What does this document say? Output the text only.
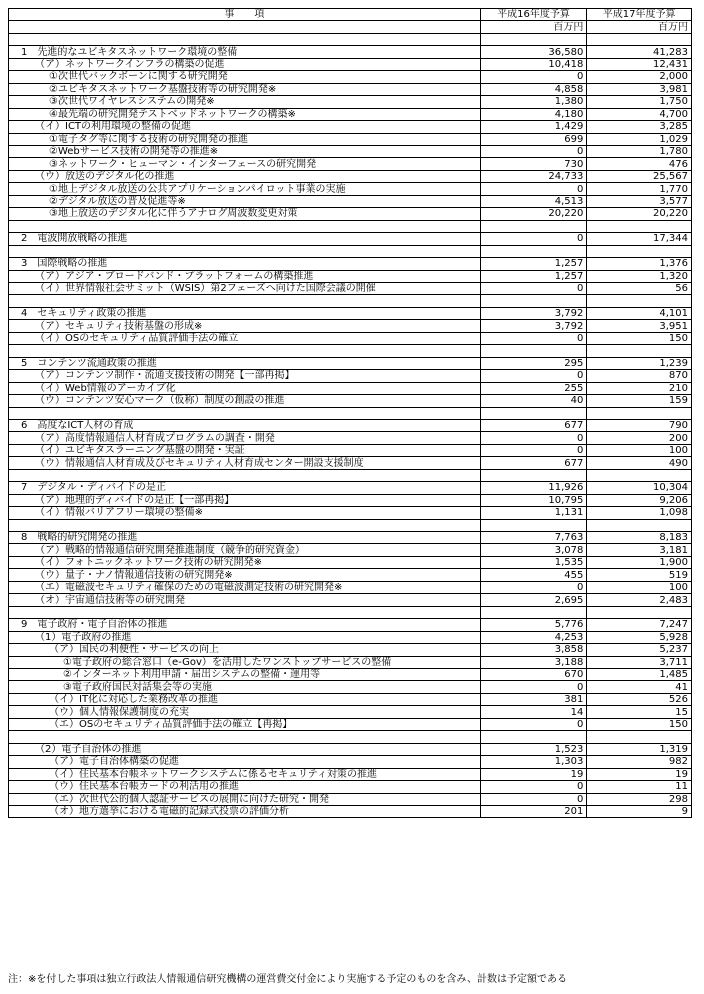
事　　項	平成16年度予算	平成17年度予算
	百万円	百万円

1　先進的なユビキタスネットワーク環境の整備	36,580	41,283
（ア）ネットワークインフラの構築の促進	10,418	12,431
①次世代バックボーンに関する研究開発	0	2,000
②ユビキタスネットワーク基盤技術等の研究開発※	4,858	3,981
③次世代ワイヤレスシステムの開発※	1,380	1,750
④最先端の研究開発テストベッドネットワークの構築※	4,180	4,700
（イ）ICTの利用環境の整備の促進	1,429	3,285
①電子タグ等に関する技術の研究開発の推進	699	1,029
②Webサービス技術の開発等の推進※	0	1,780
③ネットワーク・ヒューマン・インターフェースの研究開発	730	476
（ウ）放送のデジタル化の推進	24,733	25,567
①地上デジタル放送の公共アプリケーションパイロット事業の実施	0	1,770
②デジタル放送の普及促進等※	4,513	3,577
③地上放送のデジタル化に伴うアナログ周波数変更対策	20,220	20,220

2　電波開放戦略の推進	0	17,344

3　国際戦略の推進	1,257	1,376
（ア）アジア・ブロードバンド・プラットフォームの構築推進	1,257	1,320
（イ）世界情報社会サミット（WSIS）第2フェーズへ向けた国際会議の開催	0	56

4　セキュリティ政策の推進	3,792	4,101
（ア）セキュリティ技術基盤の形成※	3,792	3,951
（イ）OSのセキュリティ品質評価手法の確立	0	150

5　コンテンツ流通政策の推進	295	1,239
（ア）コンテンツ制作・流通支援技術の開発【一部再掲】	0	870
（イ）Web情報のアーカイブ化	255	210
（ウ）コンテンツ安心マーク（仮称）制度の創設の推進	40	159

6　高度なICT人材の育成	677	790
（ア）高度情報通信人材育成プログラムの調査・開発	0	200
（イ）ユビキタスラーニング基盤の開発・実証	0	100
（ウ）情報通信人材育成及びセキュリティ人材育成センター開設支援制度	677	490

7　デジタル・ディバイドの是正	11,926	10,304
（ア）地理的ディバイドの是正【一部再掲】	10,795	9,206
（イ）情報バリアフリー環境の整備※	1,131	1,098

8　戦略的研究開発の推進	7,763	8,183
（ア）戦略的情報通信研究開発推進制度（競争的研究資金）	3,078	3,181
（イ）フォトニックネットワーク技術の研究開発※	1,535	1,900
（ウ）量子・ナノ情報通信技術の研究開発※	455	519
（エ）電磁波セキュリティ確保のための電磁波測定技術の研究開発※	0	100
（オ）宇宙通信技術等の研究開発	2,695	2,483

9　電子政府・電子自治体の推進	5,776	7,247
（1）電子政府の推進	4,253	5,928
（ア）国民の利便性・サービスの向上	3,858	5,237
①電子政府の総合窓口（e-Gov）を活用したワンストップサービスの整備	3,188	3,711
②インターネット利用申請・届出システムの整備・運用等	670	1,485
③電子政府国民対話集会等の実施	0	41
（イ）IT化に対応した業務改革の推進	381	526
（ウ）個人情報保護制度の充実	14	15
（エ）OSのセキュリティ品質評価手法の確立【再掲】	0	150

（2）電子自治体の推進	1,523	1,319
（ア）電子自治体構築の促進	1,303	982
（イ）住民基本台帳ネットワークシステムに係るセキュリティ対策の推進	19	19
（ウ）住民基本台帳カードの利活用の推進	0	11
（エ）次世代公的個人認証サービスの展開に向けた研究・開発	0	298
（オ）地方選挙における電磁的記録式投票の評価分析	201	9
注：※を付した事項は独立行政法人情報通信研究機構の運営費交付金により実施する予定のものを含み、計数は予定額である
